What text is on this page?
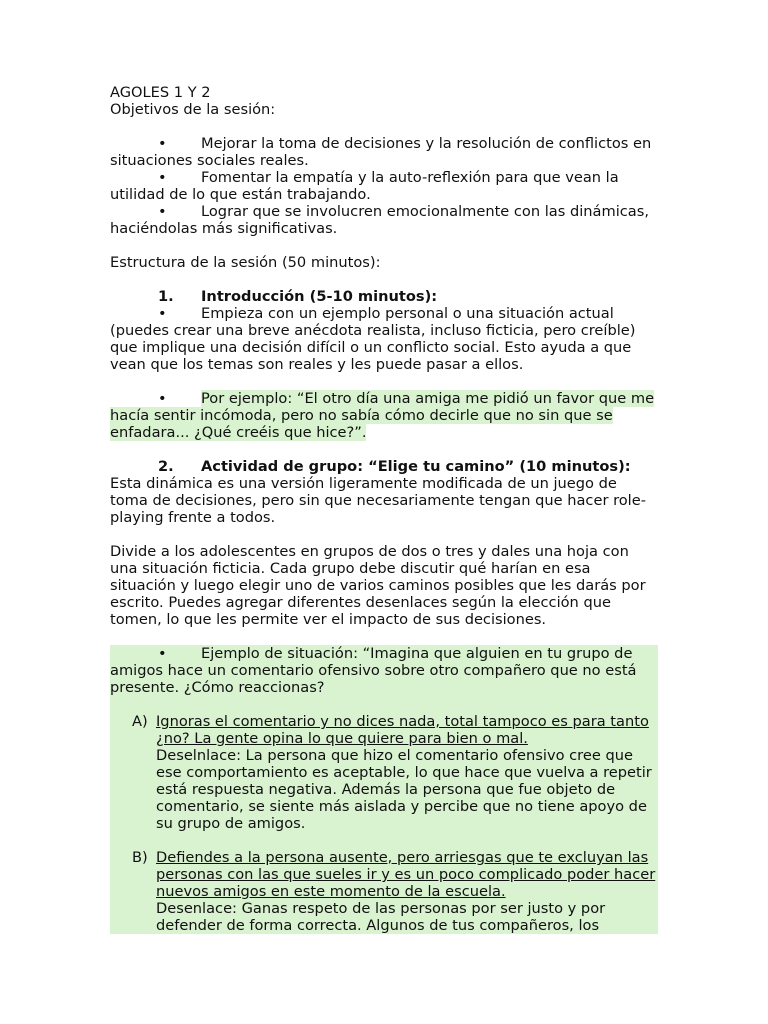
AGOLES 1 Y 2

Objetivos de la sesión:

• Mejorar la toma de decisiones y la resolución de conflictos en situaciones sociales reales.

• Fomentar la empatía y la auto-reflexión para que vean la utilidad de lo que están trabajando.

• Lograr que se involucren emocionalmente con las dinámicas, haciéndolas más significativas.

Estructura de la sesión (50 minutos):

1. Introducción (5-10 minutos):

• Empieza con un ejemplo personal o una situación actual (puedes crear una breve anécdota realista, incluso ficticia, pero creíble) que implique una decisión difícil o un conflicto social. Esto ayuda a que vean que los temas son reales y les puede pasar a ellos.

• Por ejemplo: “El otro día una amiga me pidió un favor que me hacía sentir incómoda, pero no sabía cómo decirle que no sin que se enfadara... ¿Qué creéis que hice?”.

2. Actividad de grupo: “Elige tu camino” (10 minutos):

Esta dinámica es una versión ligeramente modificada de un juego de toma de decisiones, pero sin que necesariamente tengan que hacer role-playing frente a todos.

Divide a los adolescentes en grupos de dos o tres y dales una hoja con una situación ficticia. Cada grupo debe discutir qué harían en esa situación y luego elegir uno de varios caminos posibles que les darás por escrito. Puedes agregar diferentes desenlaces según la elección que tomen, lo que les permite ver el impacto de sus decisiones.

• Ejemplo de situación: “Imagina que alguien en tu grupo de amigos hace un comentario ofensivo sobre otro compañero que no está presente. ¿Cómo reaccionas?

A) Ignoras el comentario y no dices nada, total tampoco es para tanto ¿no? La gente opina lo que quiere para bien o mal.

Deselnlace: La persona que hizo el comentario ofensivo cree que ese comportamiento es aceptable, lo que hace que vuelva a repetir está respuesta negativa. Además la persona que fue objeto de comentario, se siente más aislada y percibe que no tiene apoyo de su grupo de amigos.

B) Defiendes a la persona ausente, pero arriesgas que te excluyan las personas con las que sueles ir y es un poco complicado poder hacer nuevos amigos en este momento de la escuela.

Desenlace: Ganas respeto de las personas por ser justo y por defender de forma correcta. Algunos de tus compañeros, los
